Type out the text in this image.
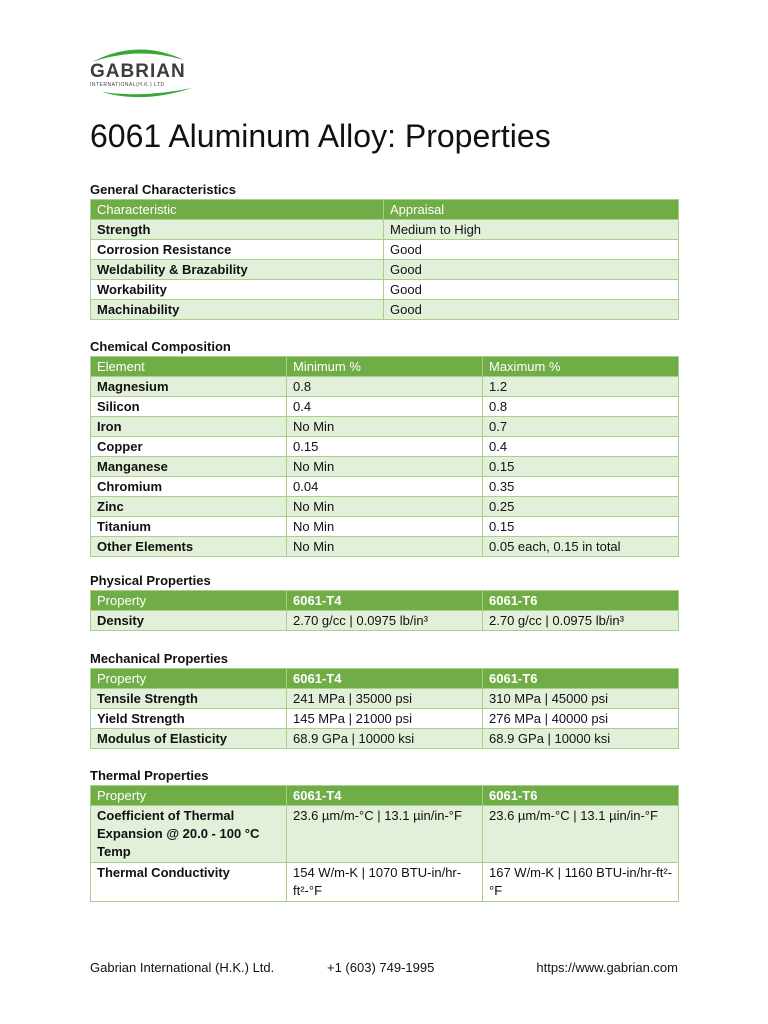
GABRIAN
INTERNATIONAL(H.K.) LTD
6061 Aluminum Alloy: Properties
General Characteristics
Characteristic	Appraisal
Strength	Medium to High
Corrosion Resistance	Good
Weldability & Brazability	Good
Workability	Good
Machinability	Good
Chemical Composition
Element	Minimum %	Maximum %
Magnesium	0.8	1.2
Silicon	0.4	0.8
Iron	No Min	0.7
Copper	0.15	0.4
Manganese	No Min	0.15
Chromium	0.04	0.35
Zinc	No Min	0.25
Titanium	No Min	0.15
Other Elements	No Min	0.05 each, 0.15 in total
Physical Properties
Property	6061-T4	6061-T6
Density	2.70 g/cc | 0.0975 lb/in³	2.70 g/cc | 0.0975 lb/in³
Mechanical Properties
Property	6061-T4	6061-T6
Tensile Strength	241 MPa | 35000 psi	310 MPa | 45000 psi
Yield Strength	145 MPa | 21000 psi	276 MPa | 40000 psi
Modulus of Elasticity	68.9 GPa | 10000 ksi	68.9 GPa | 10000 ksi
Thermal Properties
Property	6061-T4	6061-T6
Coefficient of Thermal Expansion @ 20.0 - 100 °C Temp	23.6 µm/m-°C | 13.1 µin/in-°F	23.6 µm/m-°C | 13.1 µin/in-°F
Thermal Conductivity	154 W/m-K | 1070 BTU-in/hr-ft²-°F	167 W/m-K | 1160 BTU-in/hr-ft²-°F
Gabrian International (H.K.) Ltd.	+1 (603) 749-1995	https://www.gabrian.com
